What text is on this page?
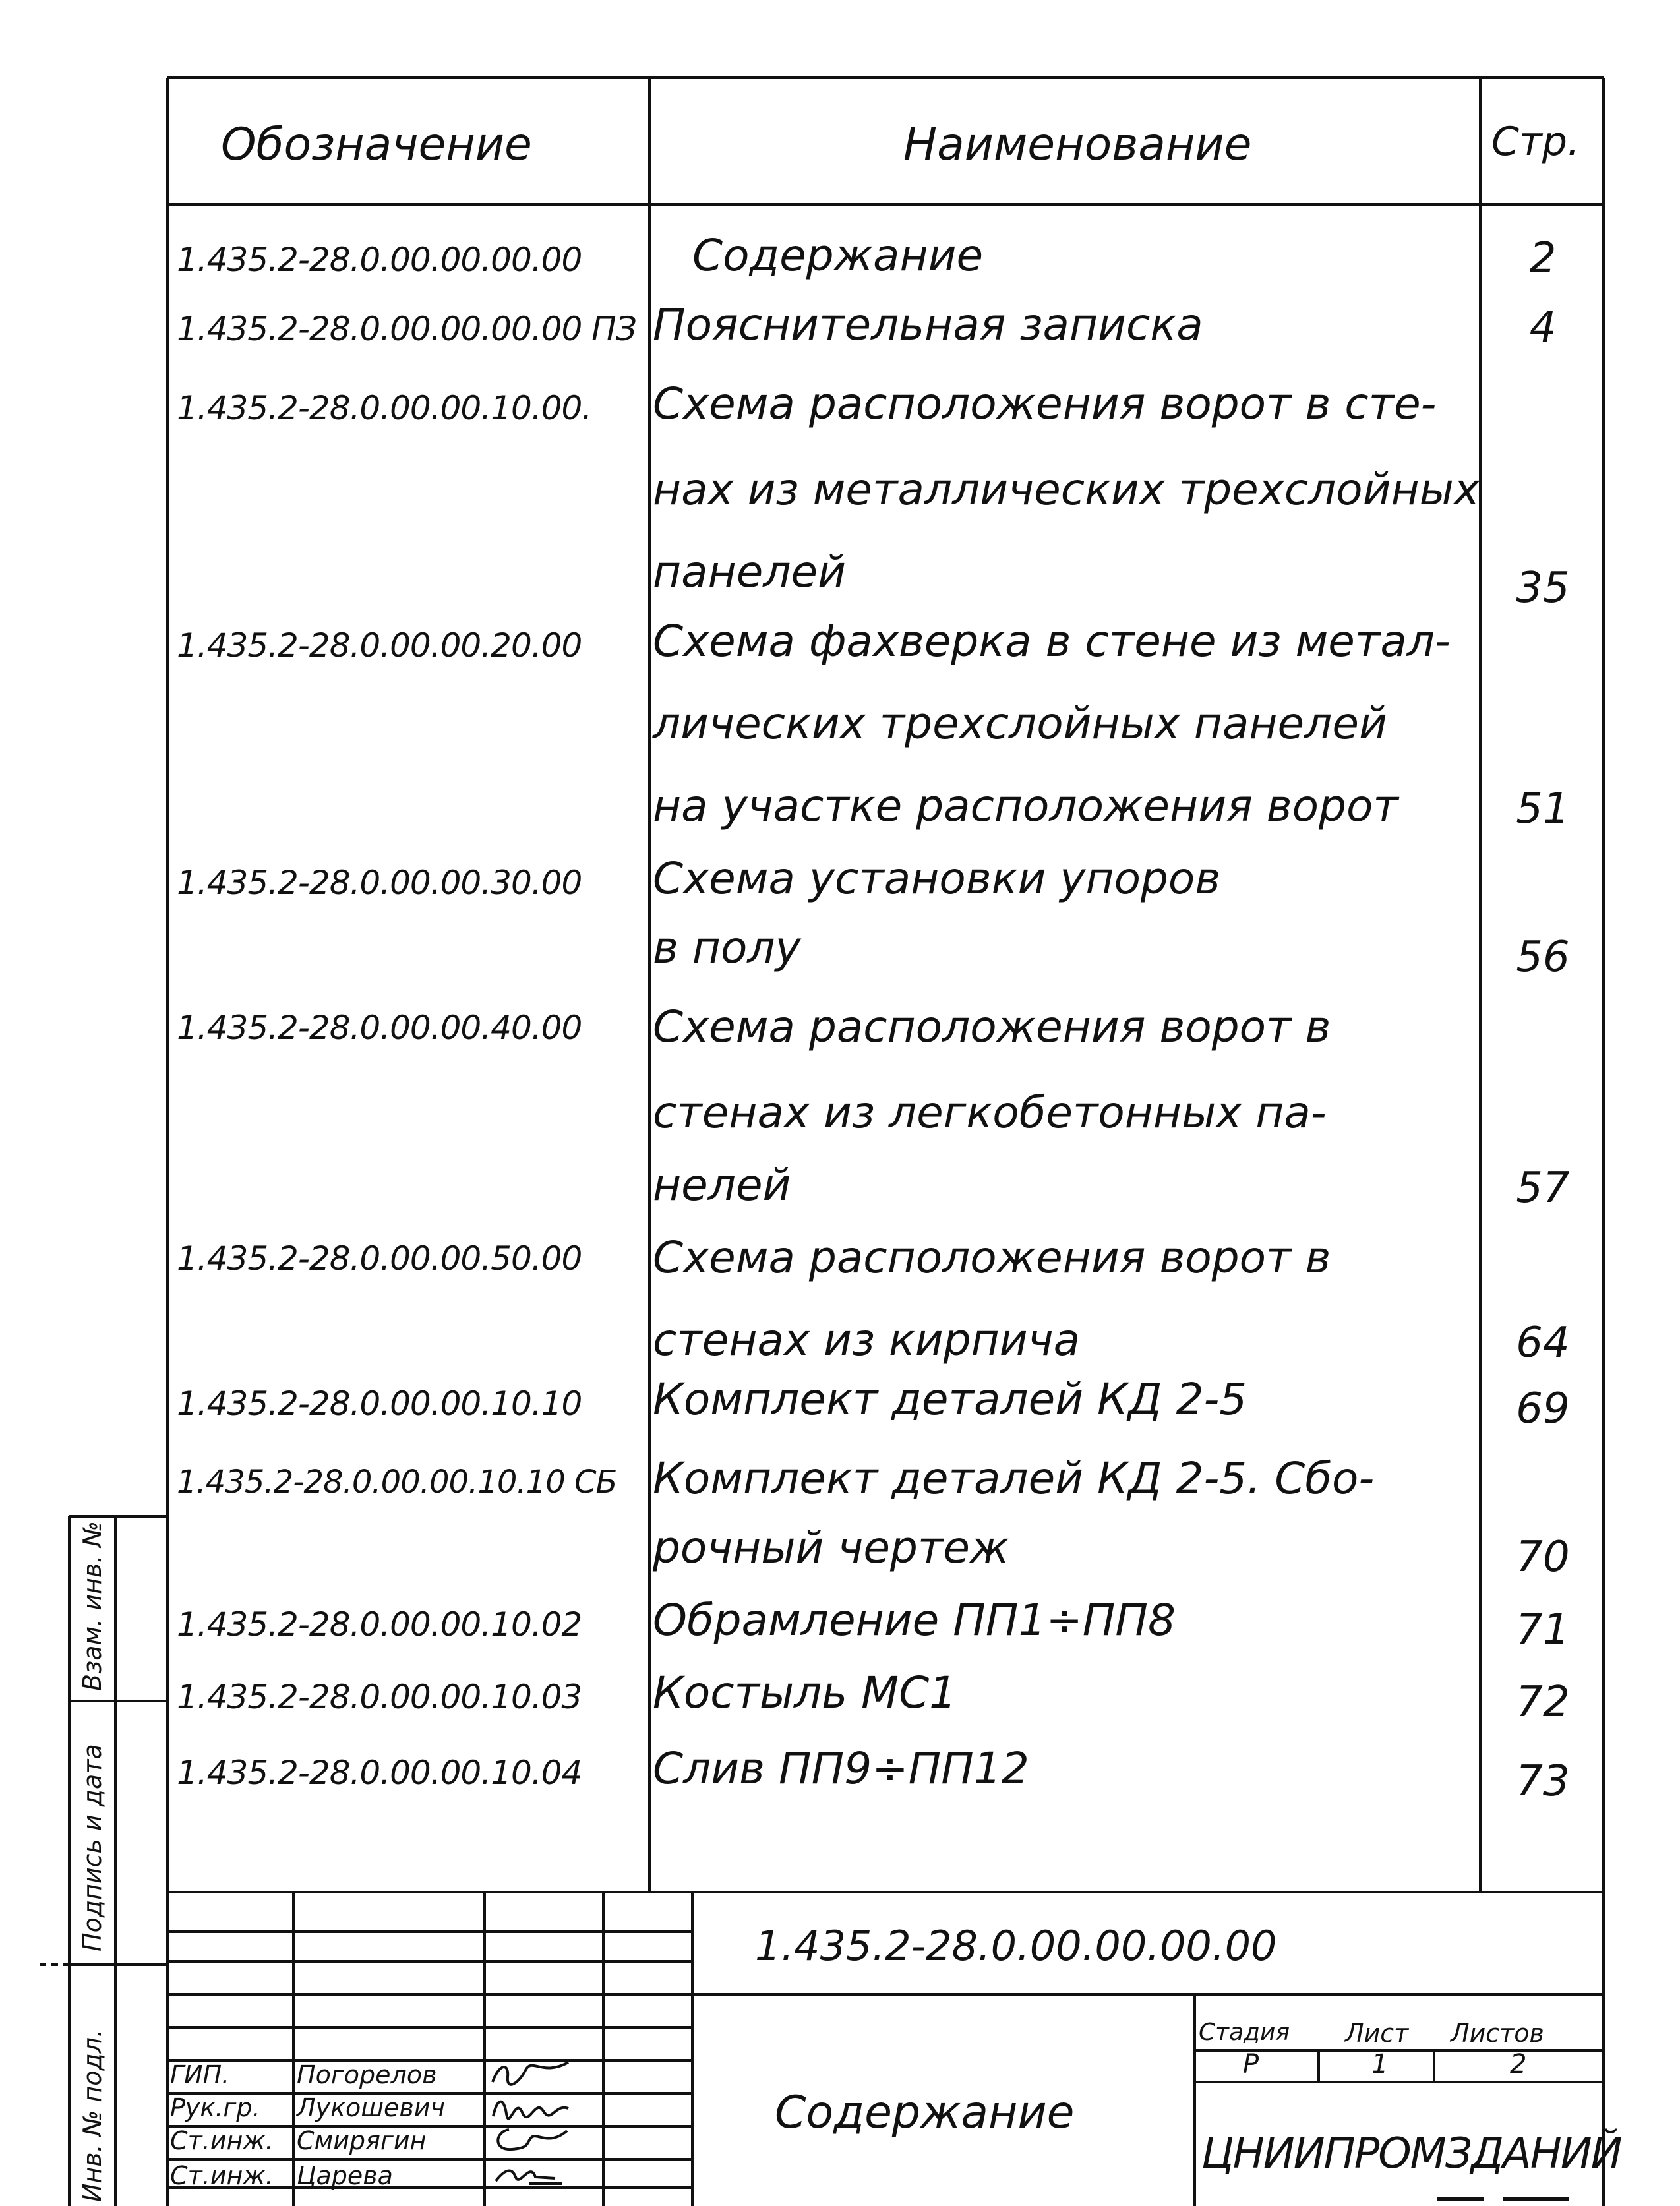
Обозначение	Наименование	Стр.
1.435.2-28.0.00.00.00.00	Содержание	2
1.435.2-28.0.00.00.00.00 ПЗ Пояснительная записка	4
1.435.2-28.0.00.00.10.00. Схема расположения ворот в сте-
нах из металлических трехслойных
панелей	35
1.435.2-28.0.00.00.20.00 Схема фахверка в стене из метал-
лических трехслойных панелей
на участке расположения ворот	51
1.435.2-28.0.00.00.30.00 Схема установки упоров
в полу	56
1.435.2-28.0.00.00.40.00 Схема расположения ворот в
стенах из легкобетонных па-
нелей	57
1.435.2-28.0.00.00.50.00 Схема расположения ворот в
стенах из кирпича	64
1.435.2-28.0.00.00.10.10 Комплект деталей КД 2-5	69
1.435.2-28.0.00.00.10.10 СБ Комплект деталей КД 2-5. Сбо-
рочный чертеж	70
1.435.2-28.0.00.00.10.02 Обрамление ПП1÷ПП8	71
1.435.2-28.0.00.00.10.03 Костыль МС1	72
1.435.2-28.0.00.00.10.04 Слив ПП9÷ПП12	73
1.435.2-28.0.00.00.00.00
Содержание
Стадия Лист Листов
Р	1	2
ЦНИИПРОМЗДАНИЙ
ГИП.	Погорелов
Рук.гр. Лукошевич
Ст.инж. Смирягин
Ст.инж. Царева
Инв. № подл.
Подпись и дата
Взам. инв. №
